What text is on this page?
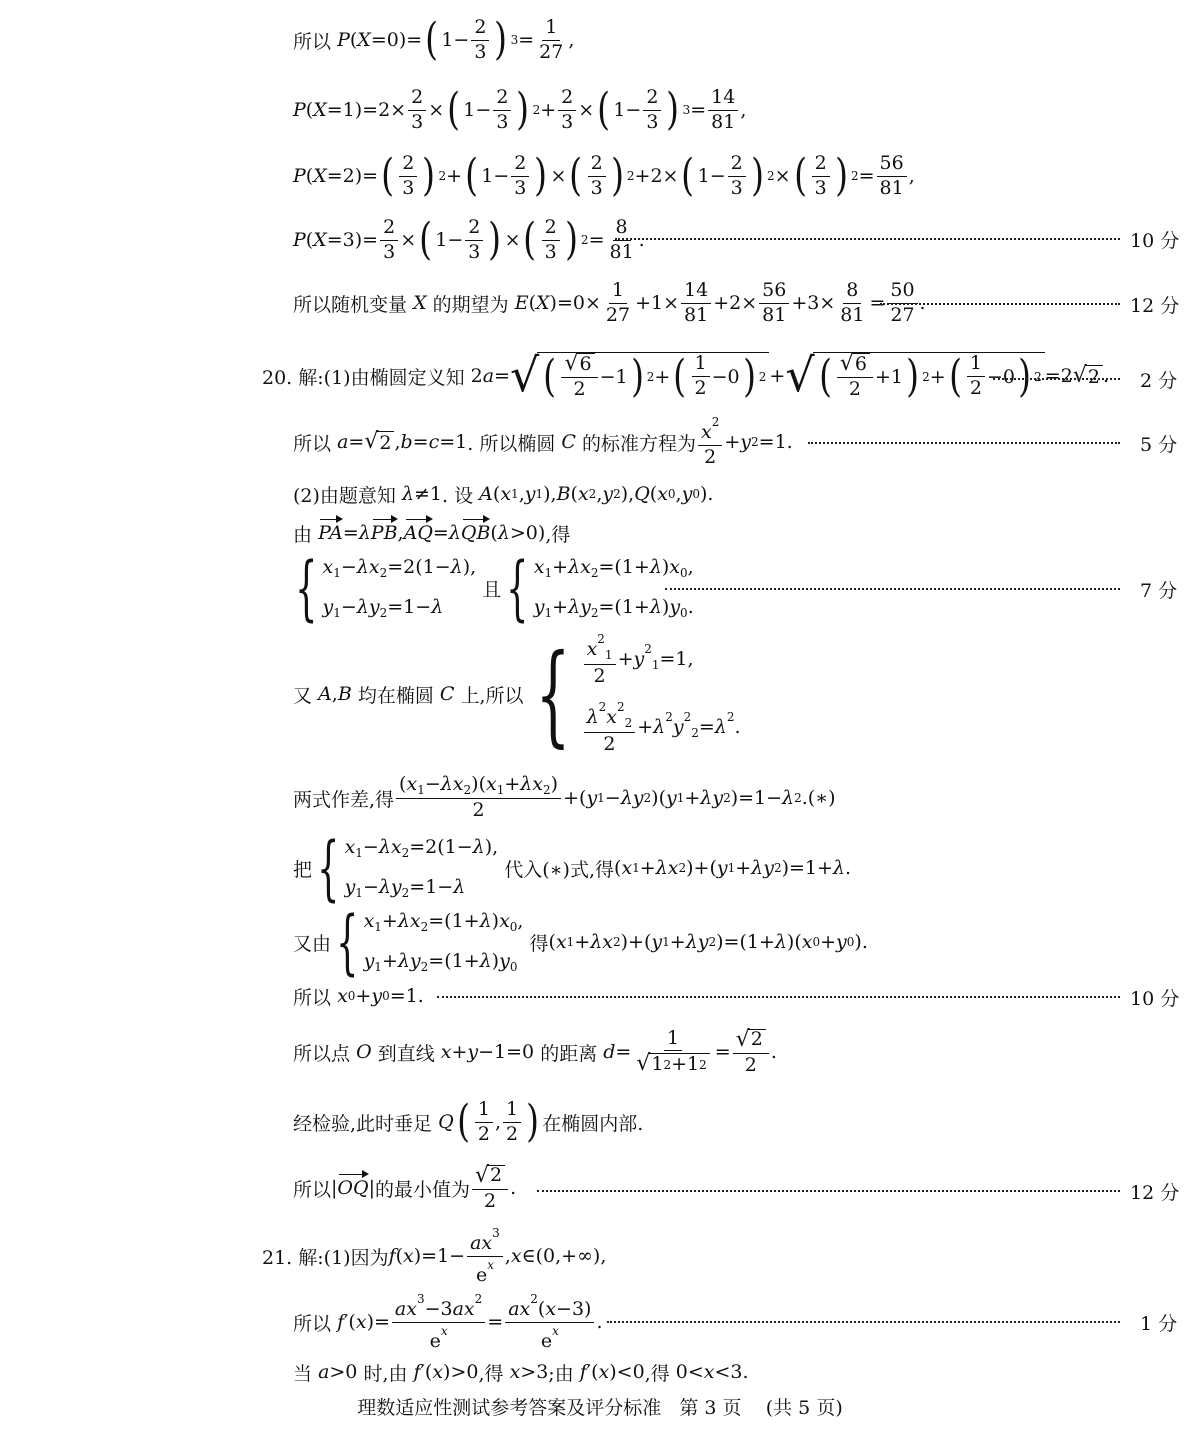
所以
P ( X =0)= ( 1−
2
3 ) 3 =
1
27
,
P ( X =1)=2×
2
3
× ( 1−
2
3 ) 2 +
2
3
× ( 1−
2
3 ) 3 =
14
81
,
P ( X =2)= ( 2
3 ) 2 + ( 1−
2
3 ) × ( 2
3 ) 2 +2× ( 1−
2
3 ) 2 × ( 2
3 ) 2 =
56
81
,
P ( X =3)=
2
3
× ( 1−
2
3 ) × ( 2
3 ) 2 =
8
81
.	10 分
所以随机变量
X
的期望为
E ( X )=0×
1
27
+1×
14
81
+2×
56
81
+3×
8
81
=
50
27
.	12 分
20. 解:(1)由椭圆定义知 2 a = √ ( √ 6
2
−1 ) 2 + ( 1
2
−0 ) 2 + √ ( √ 6
2
+1 ) 2 + ( 1
2
−0 ) 2 =2 √ 2 . 2 分
所以
a = √ 2 , b = c =1 . 所以椭圆
C
的标准方程为
$x^2$
2
+ y 2 =1.	5 分
(2)由题意知
λ ≠1 . 设
A ( x 1 , y 1 ), B ( x 2 , y 2 ), Q ( x 0 , y 0 ).
由
PA = λ PB , AQ = λ QB ( λ >0) ,得
{ $x_1-\lambda x_2=2(1-\lambda)$,
$y_1-\lambda y_2=1-\lambda$

且 { $x_1+\lambda x_2=(1+\lambda)x_0$,
$y_1+\lambda y_2=(1+\lambda)y_0$.
7 分
又
A , B
均在椭圆
C
上,所以 { $\frac{x^2_1}{2} +y^2_1=1$,
$\frac{\lambda^2x^2_2}{2} +\lambda^2y^2_2=\lambda^2$.
两式作差,得
$(x_1-\lambda x_2)(x_1+\lambda x_2)$
2
+( y 1 − λy 2 )( y 1 + λy 2 )=1− λ 2 .(∗)
把 { $x_1-\lambda x_2=2(1-\lambda)$,
$y_1-\lambda y_2=1-\lambda$

代入(∗)式,得 ( x 1 + λx 2 )+( y 1 + λy 2 )=1+ λ .
又由 { $x_1+\lambda x_2=(1+\lambda)x_0$,
$y_1+\lambda y_2=(1+\lambda)y_0$

得 ( x 1 + λx 2 )+( y 1 + λy 2 )=(1+ λ )( x 0 + y 0 ).
所以
x 0 + y 0 =1.	10 分
所以点
O
到直线
x + y −1=0 的距离
d =
1
√ 1 2 +1 2
=
√ 2
2
.
经检验,此时垂足
Q ( 1
2
,
1
2 ) 在椭圆内部.
所以 | OQ | 的最小值为
√ 2
2
.	12 分
21. 解:(1)因为 f ( x )=1−
$ax^3$
$e^x$ , x ∈(0,+∞),
所以
f ′( x )=
$ax^3-3ax^2$
$e^x$ =
$ax^2(x-3)$
$e^x$ .	1 分
当
a >0 时,由
f ′( x )>0 ,得
x >3 ;由
f ′( x )<0 ,得 0< x <3.
理数适应性测试参考答案及评分标准 第 3 页 (共 5 页)
